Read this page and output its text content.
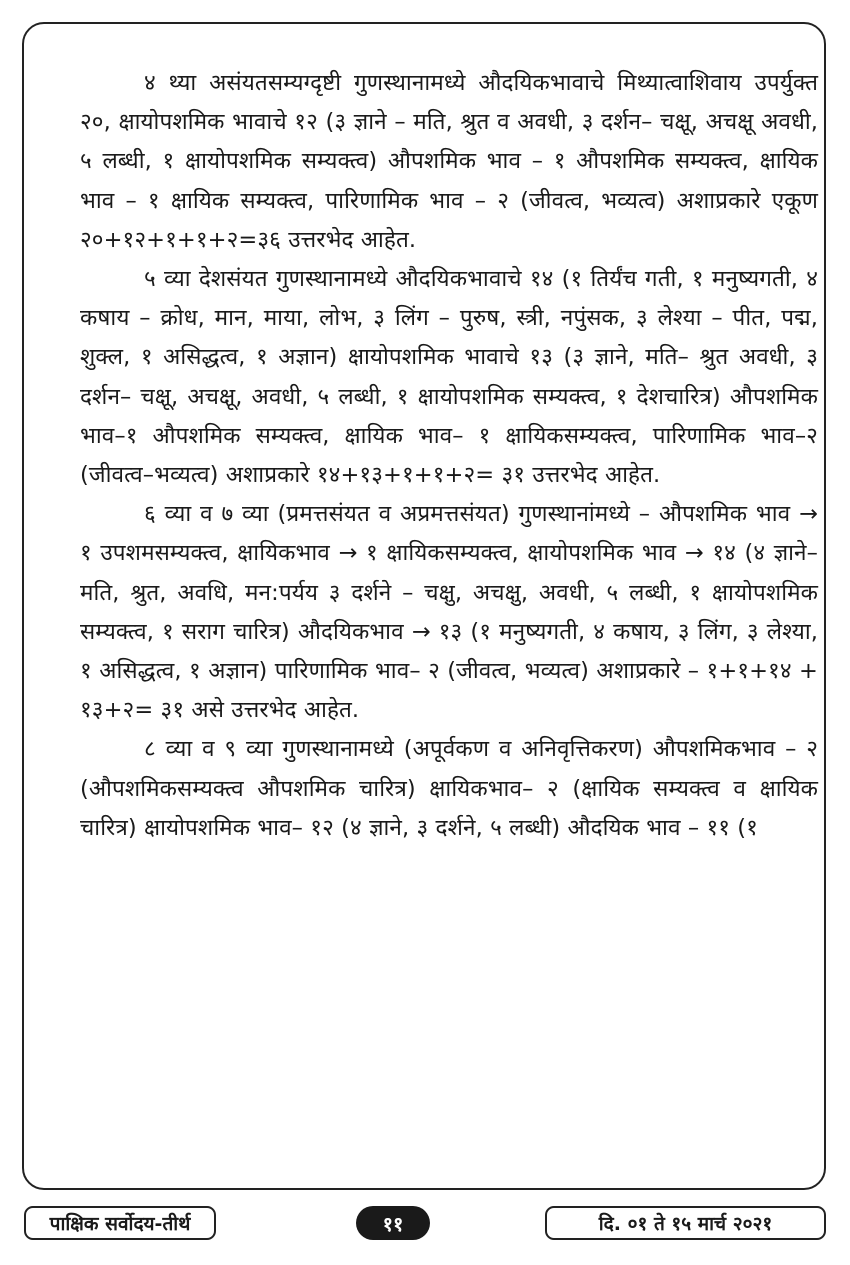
४ थ्या असंयतसम्यग्दृष्टी गुणस्थानामध्ये औदयिकभावाचे मिथ्यात्वाशिवाय उपर्युक्त २०, क्षायोपशमिक भावाचे १२ (३ ज्ञाने – मति, श्रुत व अवधी, ३ दर्शन– चक्षू, अचक्षू अवधी, ५ लब्धी, १ क्षायोपशमिक सम्यक्त्व) औपशमिक भाव – १ औपशमिक सम्यक्त्व, क्षायिक भाव – १ क्षायिक सम्यक्त्व, पारिणामिक भाव – २ (जीवत्व, भव्यत्व) अशाप्रकारे एकूण २०+१२+१+१+२=३६ उत्तरभेद आहेत.

५ व्या देशसंयत गुणस्थानामध्ये औदयिकभावाचे १४ (१ तिर्यंच गती, १ मनुष्यगती, ४ कषाय – क्रोध, मान, माया, लोभ, ३ लिंग – पुरुष, स्त्री, नपुंसक, ३ लेश्या – पीत, पद्म, शुक्ल, १ असिद्धत्व, १ अज्ञान) क्षायोपशमिक भावाचे १३ (३ ज्ञाने, मति– श्रुत अवधी, ३ दर्शन– चक्षू, अचक्षू, अवधी, ५ लब्धी, १ क्षायोपशमिक सम्यक्त्व, १ देशचारित्र) औपशमिक भाव–१ औपशमिक सम्यक्त्व, क्षायिक भाव– १ क्षायिकसम्यक्त्व, पारिणामिक भाव–२ (जीवत्व–भव्यत्व) अशाप्रकारे १४+१३+१+१+२= ३१ उत्तरभेद आहेत.

६ व्या व ७ व्या (प्रमत्तसंयत व अप्रमत्तसंयत) गुणस्थानांमध्ये – औपशमिक भाव → १ उपशमसम्यक्त्व, क्षायिकभाव → १ क्षायिकसम्यक्त्व, क्षायोपशमिक भाव → १४ (४ ज्ञाने–मति, श्रुत, अवधि, मन:पर्यय ३ दर्शने – चक्षु, अचक्षु, अवधी, ५ लब्धी, १ क्षायोपशमिक सम्यक्त्व, १ सराग चारित्र) औदयिकभाव → १३ (१ मनुष्यगती, ४ कषाय, ३ लिंग, ३ लेश्या, १ असिद्धत्व, १ अज्ञान) पारिणामिक भाव– २ (जीवत्व, भव्यत्व) अशाप्रकारे – १+१+१४ + १३+२= ३१ असे उत्तरभेद आहेत.

८ व्या व ९ व्या गुणस्थानामध्ये (अपूर्वकण व अनिवृत्तिकरण) औपशमिकभाव – २ (औपशमिकसम्यक्त्व औपशमिक चारित्र) क्षायिकभाव– २ (क्षायिक सम्यक्त्व व क्षायिक चारित्र) क्षायोपशमिक भाव– १२ (४ ज्ञाने, ३ दर्शने, ५ लब्धी) औदयिक भाव – ११ (१

पाक्षिक सर्वोदय-तीर्थ	११	दि. ०१ ते १५ मार्च २०२१
